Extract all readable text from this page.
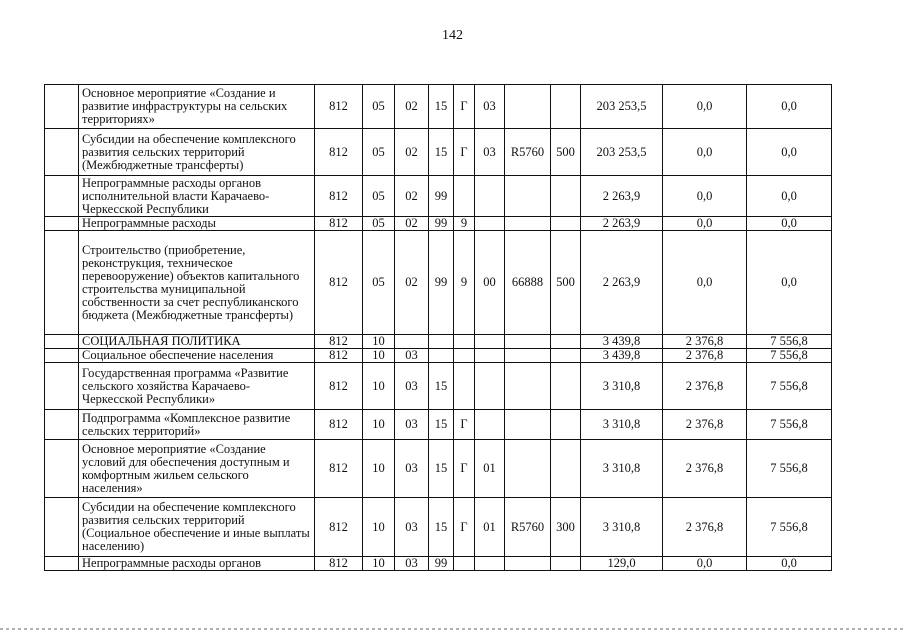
142
	Основное мероприятие «Создание и развитие инфраструктуры на сельских территориях»	812	05	02	15	Г	03			203 253,5	0,0	0,0
	Субсидии на обеспечение комплексного развития сельских территорий (Межбюджетные трансферты)	812	05	02	15	Г	03	R5760	500	203 253,5	0,0	0,0
	Непрограммные расходы органов исполнительной власти Карачаево-Черкесской Республики	812	05	02	99					2 263,9	0,0	0,0
	Непрограммные расходы	812	05	02	99	9				2 263,9	0,0	0,0
	Строительство (приобретение, реконструкция, техническое перевооружение) объектов капитального строительства муниципальной собственности за счет республиканского бюджета (Межбюджетные трансферты)	812	05	02	99	9	00	66888	500	2 263,9	0,0	0,0
	СОЦИАЛЬНАЯ ПОЛИТИКА	812	10							3 439,8	2 376,8	7 556,8
	Социальное обеспечение населения	812	10	03						3 439,8	2 376,8	7 556,8
	Государственная программа «Развитие сельского хозяйства Карачаево-Черкесской Республики»	812	10	03	15					3 310,8	2 376,8	7 556,8
	Подпрограмма «Комплексное развитие сельских территорий»	812	10	03	15	Г				3 310,8	2 376,8	7 556,8
	Основное мероприятие «Создание условий для обеспечения доступным и комфортным жильем сельского населения»	812	10	03	15	Г	01			3 310,8	2 376,8	7 556,8
	Субсидии на обеспечение комплексного развития сельских территорий (Социальное обеспечение и иные выплаты населению)	812	10	03	15	Г	01	R5760	300	3 310,8	2 376,8	7 556,8
	Непрограммные расходы органов	812	10	03	99					129,0	0,0	0,0
